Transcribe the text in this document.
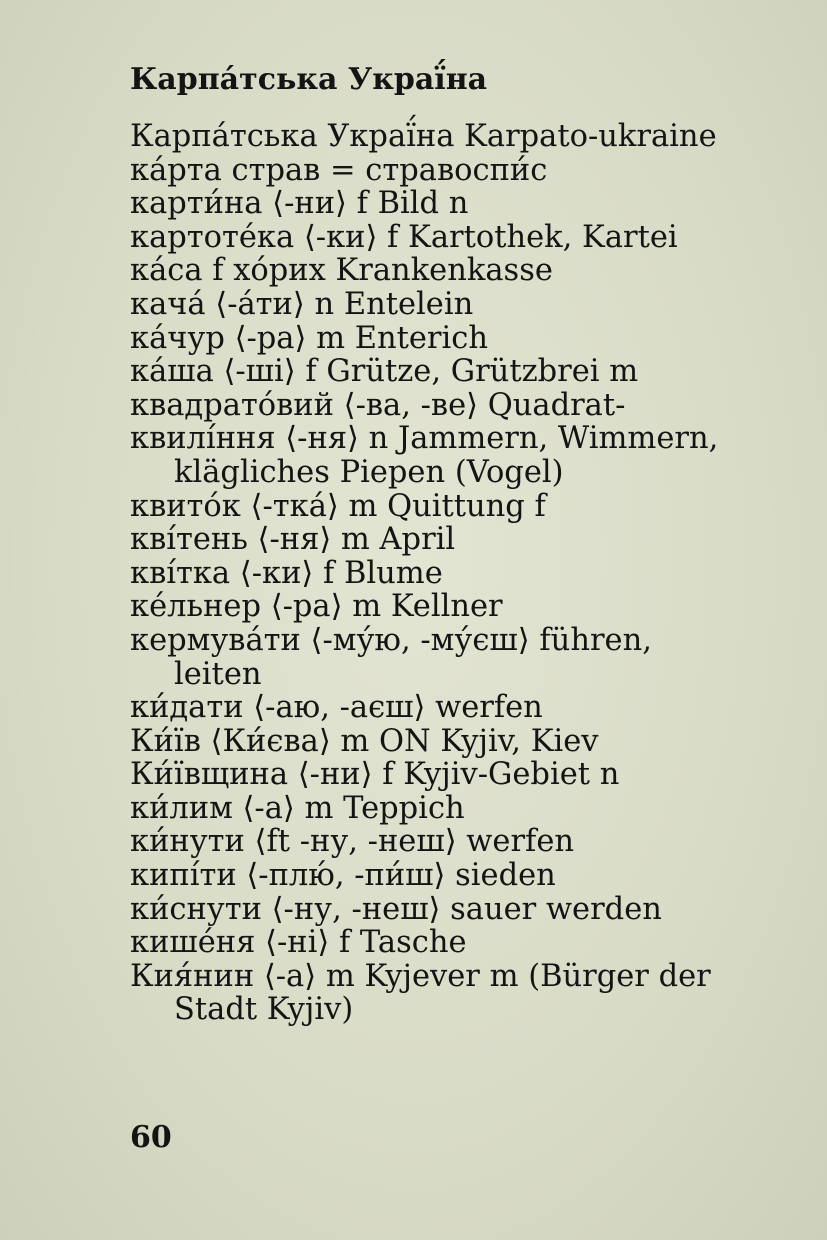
Карпа́тська Украї́на
Карпа́тська Украї́на Karpato-ukraine
ка́рта страв = стравоспи́с
карти́на ⟨-ни⟩ f Bild n
картоте́ка ⟨-ки⟩ f Kartothek, Kartei
ка́са f хо́рих Krankenkasse
кача́ ⟨-а́ти⟩ n Entelein
ка́чур ⟨-ра⟩ m Enterich
ка́ша ⟨-ші⟩ f Grütze, Grützbrei m
квадрато́вий ⟨-ва, -ве⟩ Quadrat-
квилі́ння ⟨-ня⟩ n Jammern, Wimmern, klägliches Piepen (Vogel)
квито́к ⟨-тка́⟩ m Quittung f
кві́тень ⟨-ня⟩ m April
кві́тка ⟨-ки⟩ f Blume
ке́льнер ⟨-ра⟩ m Kellner
кермува́ти ⟨-му́ю, -му́єш⟩ führen, leiten
ки́дати ⟨-аю, -аєш⟩ werfen
Ки́їв ⟨Ки́єва⟩ m ON Kyjiv, Kiev
Ки́ївщина ⟨-ни⟩ f Kyjiv-Gebiet n
ки́лим ⟨-а⟩ m Teppich
ки́нути ⟨ft -ну, -неш⟩ werfen
кипі́ти ⟨-плю́, -пи́ш⟩ sieden
ки́снути ⟨-ну, -неш⟩ sauer werden
кише́ня ⟨-ні⟩ f Tasche
Кия́нин ⟨-а⟩ m Kyjever m (Bürger der Stadt Kyjiv)
60
